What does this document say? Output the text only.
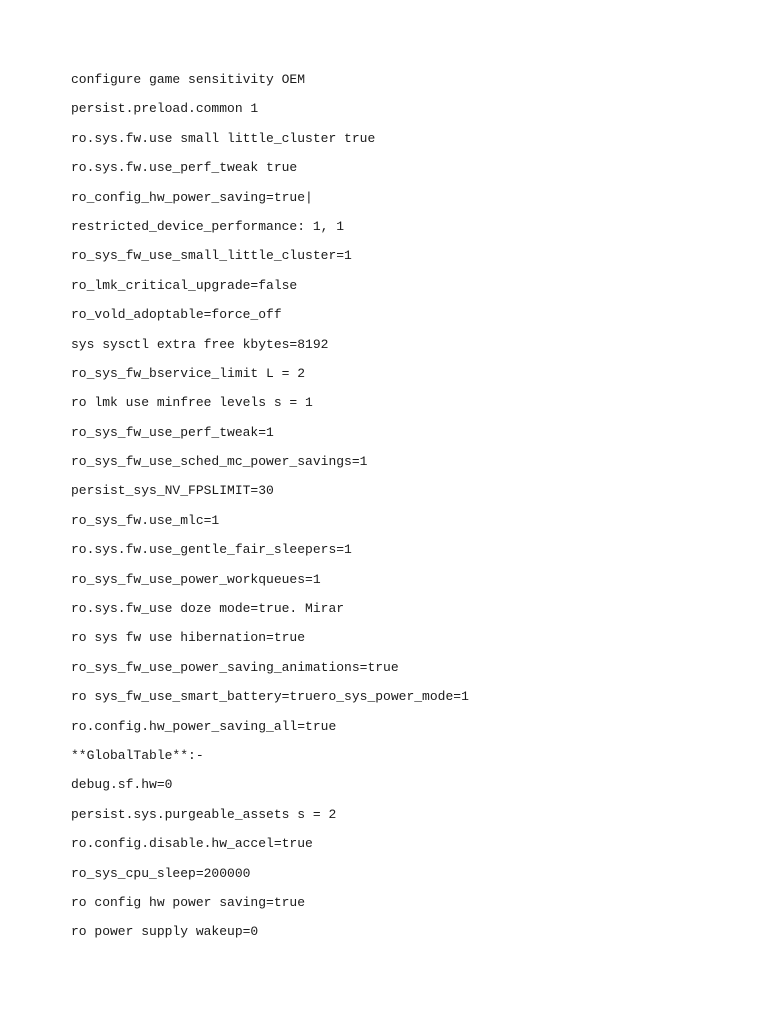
configure game sensitivity OEM
persist.preload.common 1
ro.sys.fw.use small little_cluster true
ro.sys.fw.use_perf_tweak true
ro_config_hw_power_saving=true|
restricted_device_performance: 1, 1
ro_sys_fw_use_small_little_cluster=1
ro_lmk_critical_upgrade=false
ro_vold_adoptable=force_off
sys sysctl extra free kbytes=8192
ro_sys_fw_bservice_limit L = 2
ro lmk use minfree levels s = 1
ro_sys_fw_use_perf_tweak=1
ro_sys_fw_use_sched_mc_power_savings=1
persist_sys_NV_FPSLIMIT=30
ro_sys_fw.use_mlc=1
ro.sys.fw.use_gentle_fair_sleepers=1
ro_sys_fw_use_power_workqueues=1
ro.sys.fw_use doze mode=true. Mirar
ro sys fw use hibernation=true
ro_sys_fw_use_power_saving_animations=true
ro sys_fw_use_smart_battery=truero_sys_power_mode=1
ro.config.hw_power_saving_all=true
**GlobalTable**:-
debug.sf.hw=0
persist.sys.purgeable_assets s = 2
ro.config.disable.hw_accel=true
ro_sys_cpu_sleep=200000
ro config hw power saving=true
ro power supply wakeup=0
